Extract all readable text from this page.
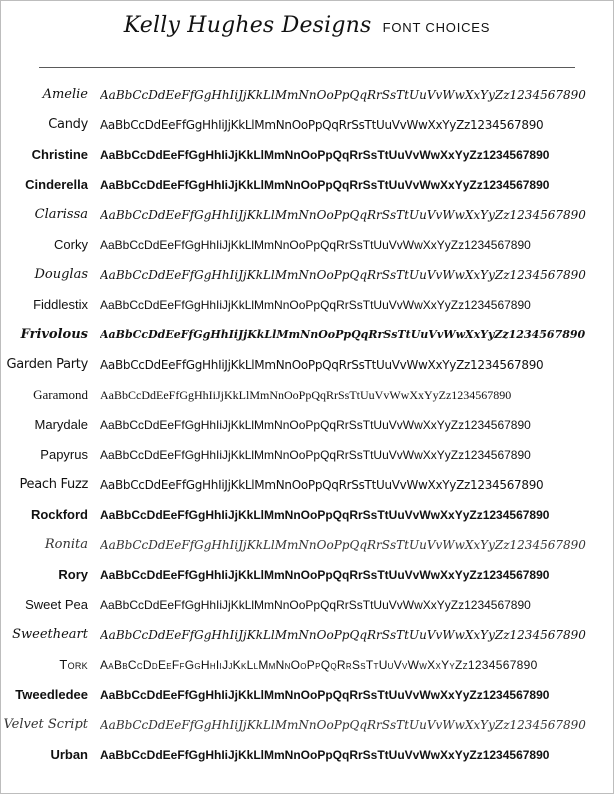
Kelly Hughes Designs FONT CHOICES
Amelie AaBbCcDdEeFfGgHhIiJjKkLlMmNnOoPpQqRrSsTtUuVvWwXxYyZz1234567890
Candy AaBbCcDdEeFfGgHhIiJjKkLlMmNnOoPpQqRrSsTtUuVvWwXxYyZz1234567890
Christine AaBbCcDdEeFfGgHhIiJjKkLlMmNnOoPpQqRrSsTtUuVvWwXxYyZz1234567890
Cinderella AaBbCcDdEeFfGgHhIiJjKkLlMmNnOoPpQqRrSsTtUuVvWwXxYyZz1234567890
Clarissa AaBbCcDdEeFfGgHhIiJjKkLlMmNnOoPpQqRrSsTtUuVvWwXxYyZz1234567890
Corky AaBbCcDdEeFfGgHhIiJjKkLlMmNnOoPpQqRrSsTtUuVvWwXxYyZz1234567890
Douglas AaBbCcDdEeFfGgHhIiJjKkLlMmNnOoPpQqRrSsTtUuVvWwXxYyZz1234567890
Fiddlestix AaBbCcDdEeFfGgHhIiJjKkLlMmNnOoPpQqRrSsTtUuVvWwXxYyZz1234567890
Frivolous AaBbCcDdEeFfGgHhIiJjKkLlMmNnOoPpQqRrSsTtUuVvWwXxYyZz1234567890
Garden Party AaBbCcDdEeFfGgHhIiJjKkLlMmNnOoPpQqRrSsTtUuVvWwXxYyZz1234567890
Garamond AaBbCcDdEeFfGgHhIiJjKkLlMmNnOoPpQqRrSsTtUuVvWwXxYyZz1234567890
Marydale AaBbCcDdEeFfGgHhIiJjKkLlMmNnOoPpQqRrSsTtUuVvWwXxYyZz1234567890
Papyrus AaBbCcDdEeFfGgHhIiJjKkLlMmNnOoPpQqRrSsTtUuVvWwXxYyZz1234567890
Peach Fuzz AaBbCcDdEeFfGgHhIiJjKkLlMmNnOoPpQqRrSsTtUuVvWwXxYyZz1234567890
Rockford AaBbCcDdEeFfGgHhIiJjKkLlMmNnOoPpQqRrSsTtUuVvWwXxYyZz1234567890
Ronita AaBbCcDdEeFfGgHhIiJjKkLlMmNnOoPpQqRrSsTtUuVvWwXxYyZz1234567890
Rory AaBbCcDdEeFfGgHhIiJjKkLlMmNnOoPpQqRrSsTtUuVvWwXxYyZz1234567890
Sweet Pea AaBbCcDdEeFfGgHhIiJjKkLlMmNnOoPpQqRrSsTtUuVvWwXxYyZz1234567890
Sweetheart AaBbCcDdEeFfGgHhIiJjKkLlMmNnOoPpQqRrSsTtUuVvWwXxYyZz1234567890
Tork AaBbCcDdEeFfGgHhIiJjKkLlMmNnOoPpQqRrSsTtUuVvWwXxYyZz1234567890
Tweedledee AaBbCcDdEeFfGgHhIiJjKkLlMmNnOoPpQqRrSsTtUuVvWwXxYyZz1234567890
Velvet Script AaBbCcDdEeFfGgHhIiJjKkLlMmNnOoPpQqRrSsTtUuVvWwXxYyZz1234567890
Urban AaBbCcDdEeFfGgHhIiJjKkLlMmNnOoPpQqRrSsTtUuVvWwXxYyZz1234567890
